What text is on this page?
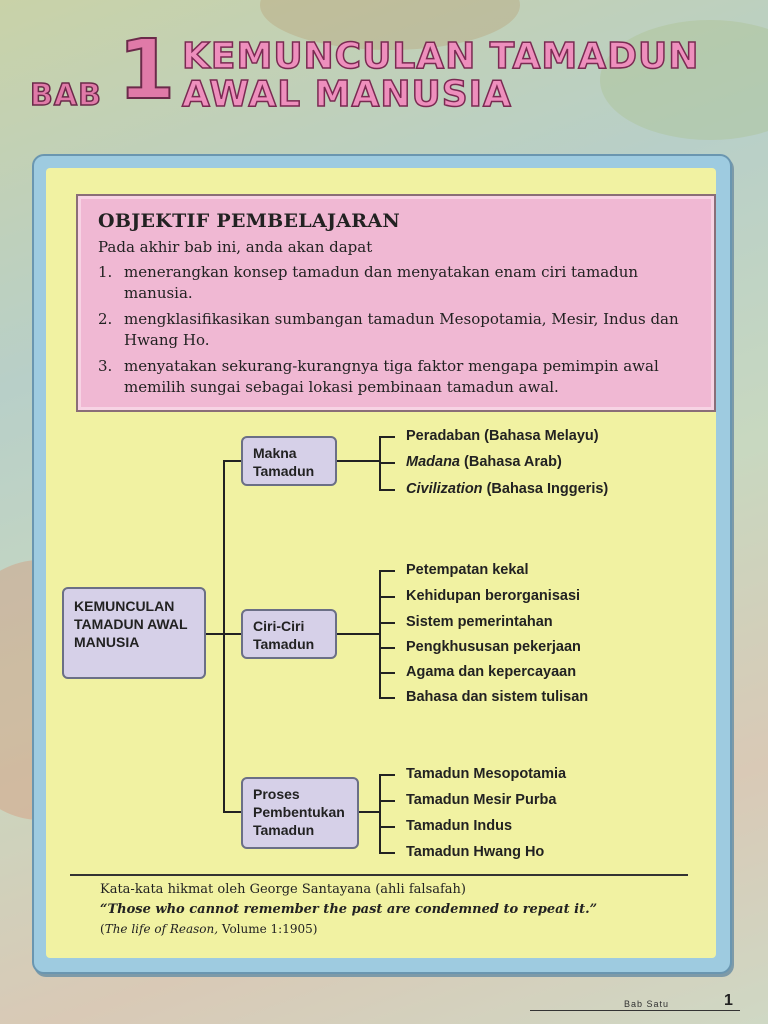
BAB 1 KEMUNCULAN TAMADUN
AWAL MANUSIA
OBJEKTIF PEMBELAJARAN
Pada akhir bab ini, anda akan dapat
1. menerangkan konsep tamadun dan menyatakan enam ciri tamadun manusia.
2. mengklasifikasikan sumbangan tamadun Mesopotamia, Mesir, Indus dan Hwang Ho.
3. menyatakan sekurang-kurangnya tiga faktor mengapa pemimpin awal memilih sungai sebagai lokasi pembinaan tamadun awal.
KEMUNCULAN TAMADUN AWAL MANUSIA
Makna Tamadun
Ciri-Ciri Tamadun
Proses Pembentukan Tamadun
Peradaban (Bahasa Melayu)
Madana (Bahasa Arab)
Civilization (Bahasa Inggeris)
Petempatan kekal
Kehidupan berorganisasi
Sistem pemerintahan
Pengkhususan pekerjaan
Agama dan kepercayaan
Bahasa dan sistem tulisan
Tamadun Mesopotamia
Tamadun Mesir Purba
Tamadun Indus
Tamadun Hwang Ho
Kata-kata hikmat oleh George Santayana (ahli falsafah)
“Those who cannot remember the past are condemned to repeat it.”
(The life of Reason, Volume 1:1905)
Bab Satu	1
